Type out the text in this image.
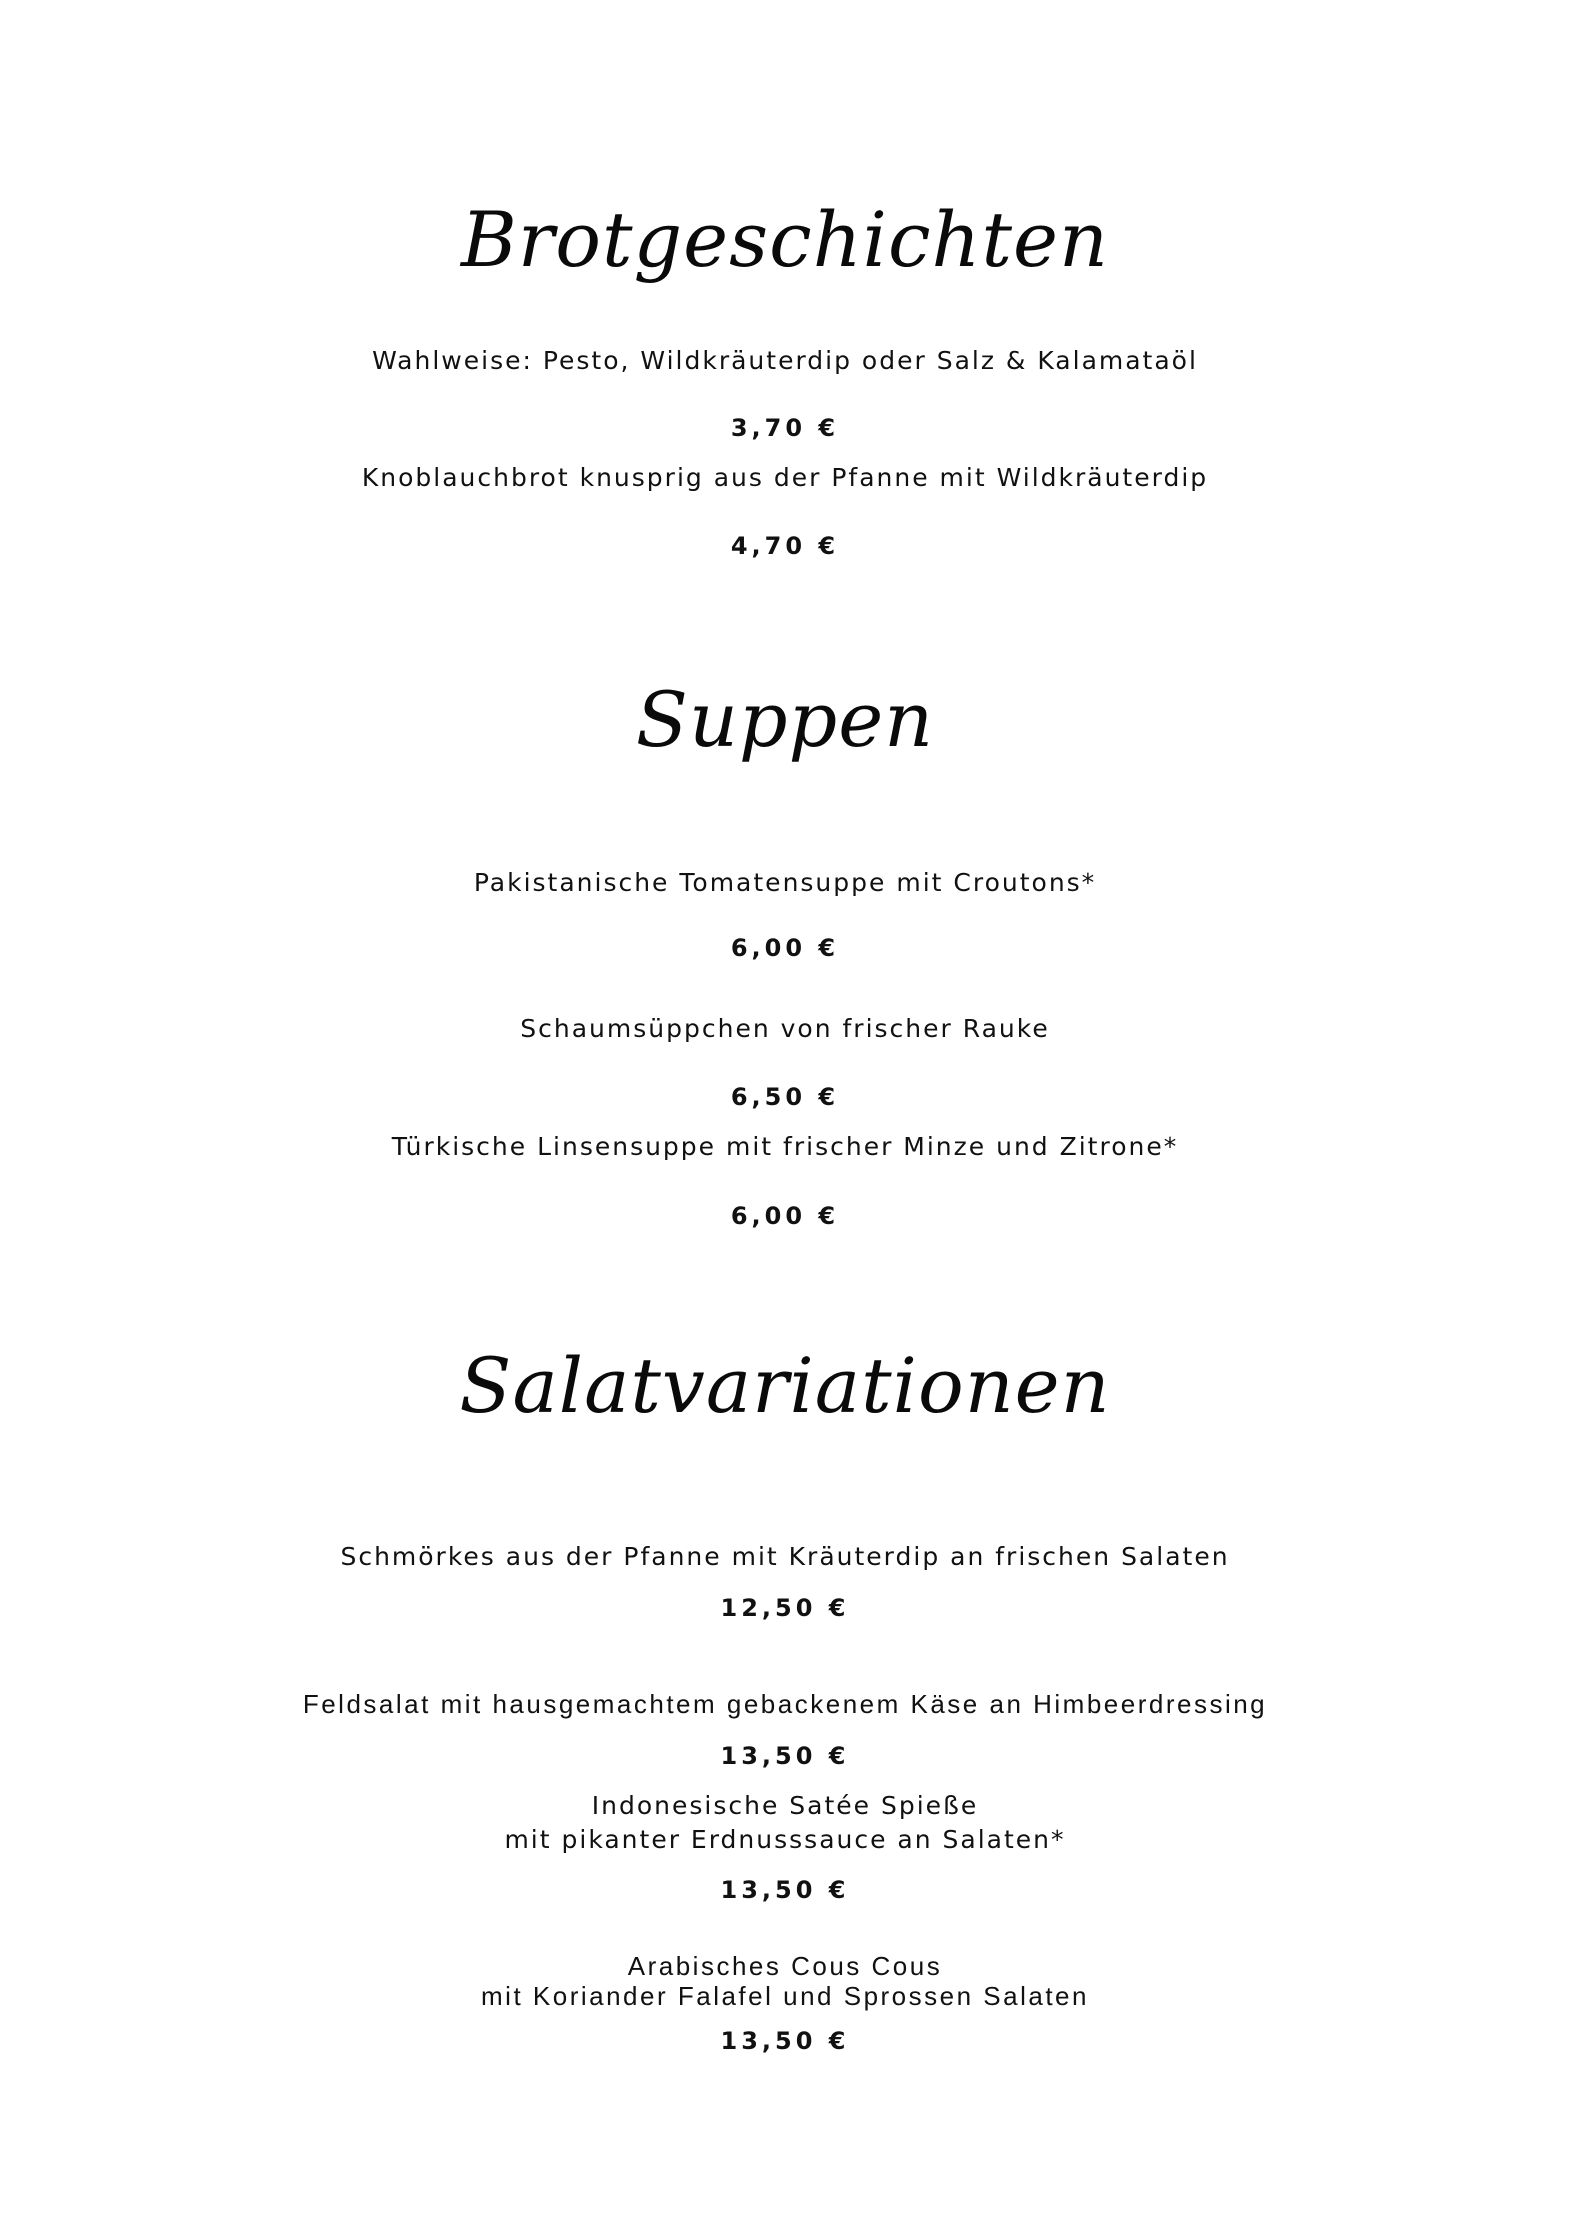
Brotgeschichten
Wahlweise: Pesto, Wildkräuterdip oder Salz & Kalamataöl
3,70 €
Knoblauchbrot knusprig aus der Pfanne mit Wildkräuterdip
4,70 €
Suppen
Pakistanische Tomatensuppe mit Croutons*
6,00 €
Schaumsüppchen von frischer Rauke
6,50 €
Türkische Linsensuppe mit frischer Minze und Zitrone*
6,00 €
Salatvariationen
Schmörkes aus der Pfanne mit Kräuterdip an frischen Salaten
12,50 €
Feldsalat mit hausgemachtem gebackenem Käse an Himbeerdressing
13,50 €
Indonesische Satée Spieße
mit pikanter Erdnusssauce an Salaten*
13,50 €
Arabisches Cous Cous
mit Koriander Falafel und Sprossen Salaten
13,50 €
